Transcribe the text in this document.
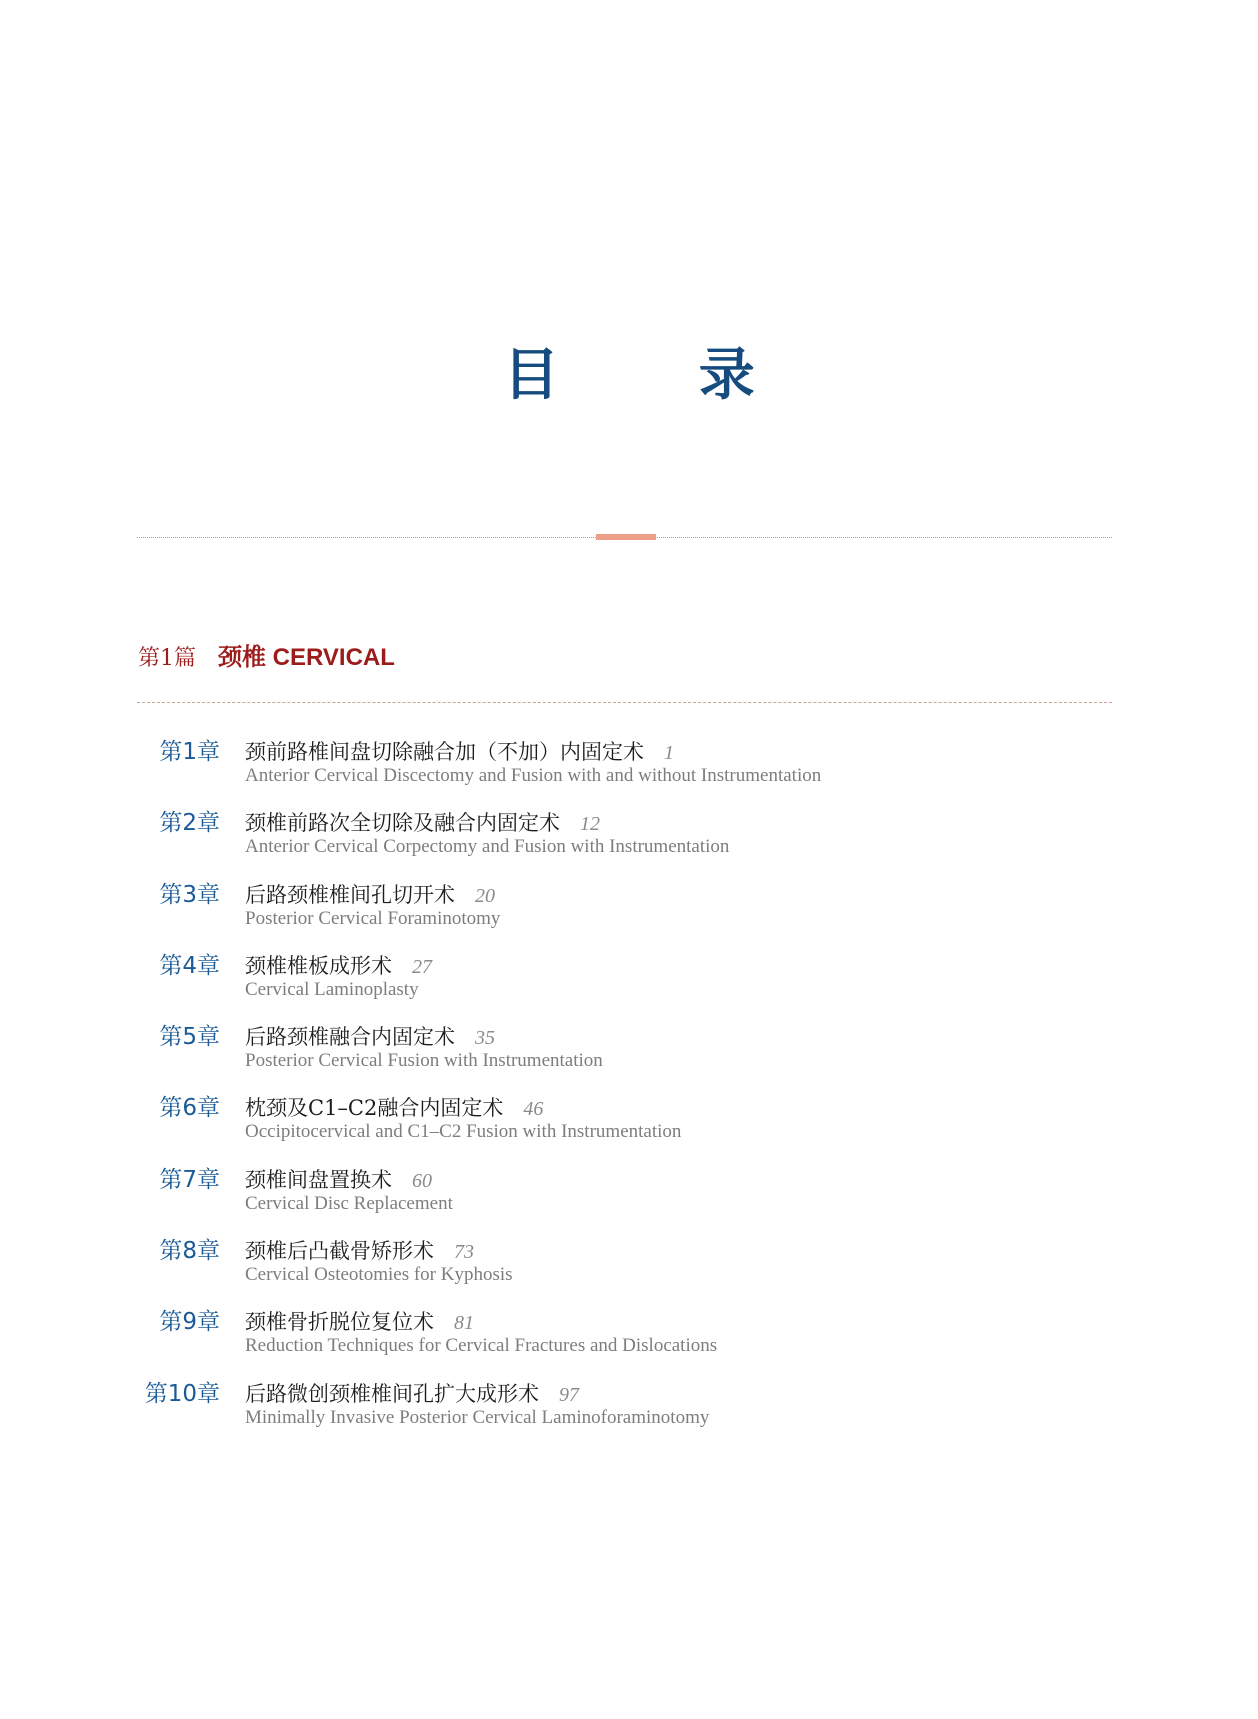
目 录
第1篇 颈椎 CERVICAL
第1章 颈前路椎间盘切除融合加（不加）内固定术 1
Anterior Cervical Discectomy and Fusion with and without Instrumentation
第2章 颈椎前路次全切除及融合内固定术 12
Anterior Cervical Corpectomy and Fusion with Instrumentation
第3章 后路颈椎椎间孔切开术 20
Posterior Cervical Foraminotomy
第4章 颈椎椎板成形术 27
Cervical Laminoplasty
第5章 后路颈椎融合内固定术 35
Posterior Cervical Fusion with Instrumentation
第6章 枕颈及C1–C2融合内固定术 46
Occipitocervical and C1–C2 Fusion with Instrumentation
第7章 颈椎间盘置换术 60
Cervical Disc Replacement
第8章 颈椎后凸截骨矫形术 73
Cervical Osteotomies for Kyphosis
第9章 颈椎骨折脱位复位术 81
Reduction Techniques for Cervical Fractures and Dislocations
第10章 后路微创颈椎椎间孔扩大成形术 97
Minimally Invasive Posterior Cervical Laminoforaminotomy
